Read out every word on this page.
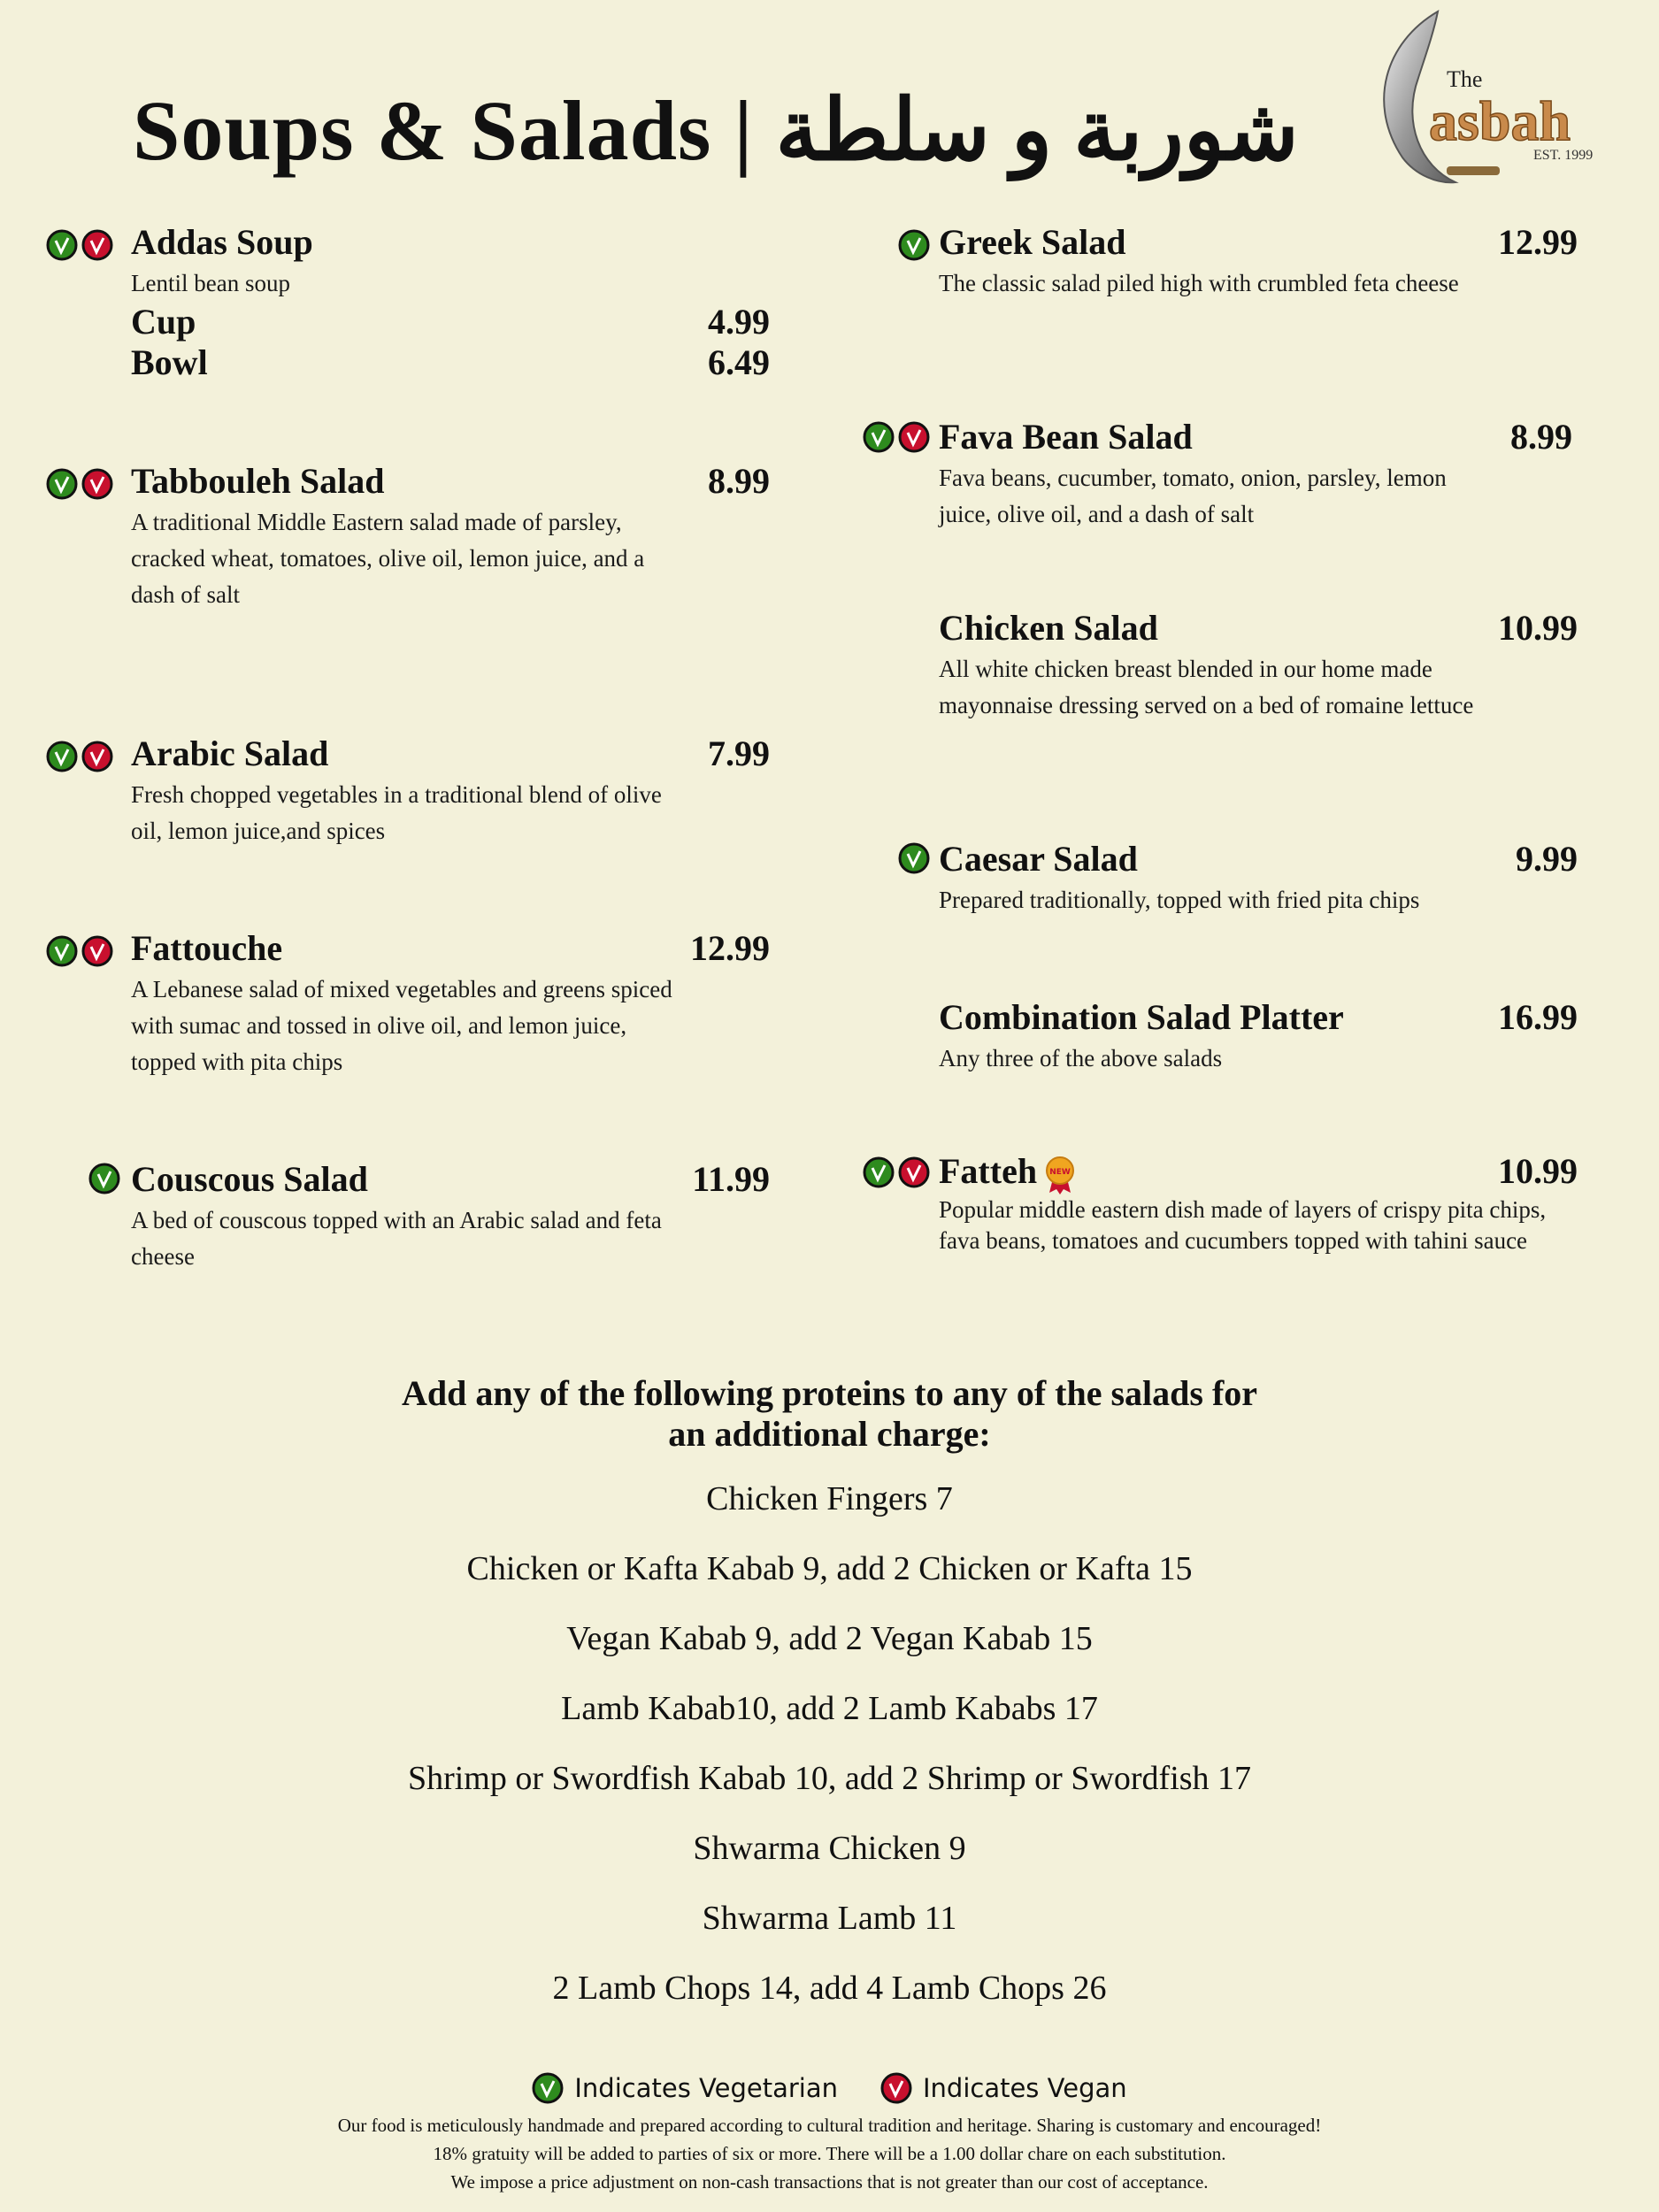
Soups & Salads | شوربة و سلطة
The
asbah
EST. 1999
Addas Soup
Lentil bean soup
Cup	4.99
Bowl	6.49
Tabbouleh Salad	8.99
A traditional Middle Eastern salad made of parsley, cracked wheat, tomatoes, olive oil, lemon juice, and a dash of salt
Arabic Salad	7.99
Fresh chopped vegetables in a traditional blend of olive oil, lemon juice,and spices
Fattouche	12.99
A Lebanese salad of mixed vegetables and greens spiced with sumac and tossed in olive oil, and lemon juice, topped with pita chips
Couscous Salad	11.99
A bed of couscous topped with an Arabic salad and feta cheese
Greek Salad	12.99
The classic salad piled high with crumbled feta cheese
Fava Bean Salad	8.99
Fava beans, cucumber, tomato, onion, parsley, lemon juice, olive oil, and a dash of salt
Chicken Salad	10.99
All white chicken breast blended in our home made mayonnaise dressing served on a bed of romaine lettuce
Caesar Salad	9.99
Prepared traditionally, topped with fried pita chips
Combination Salad Platter	16.99
Any three of the above salads
Fatteh NEW	10.99
Popular middle eastern dish made of layers of crispy pita chips, fava beans, tomatoes and cucumbers topped with tahini sauce
Add any of the following proteins to any of the salads for
an additional charge:
Chicken Fingers 7
Chicken or Kafta Kabab 9, add 2 Chicken or Kafta 15
Vegan Kabab 9, add 2 Vegan Kabab 15
Lamb Kabab10, add 2 Lamb Kababs 17
Shrimp or Swordfish Kabab 10, add 2 Shrimp or Swordfish 17
Shwarma Chicken 9
Shwarma Lamb 11
2 Lamb Chops 14, add 4 Lamb Chops 26
Indicates Vegetarian	Indicates Vegan
Our food is meticulously handmade and prepared according to cultural tradition and heritage. Sharing is customary and encouraged!
18% gratuity will be added to parties of six or more. There will be a 1.00 dollar chare on each substitution.
We impose a price adjustment on non-cash transactions that is not greater than our cost of acceptance.
